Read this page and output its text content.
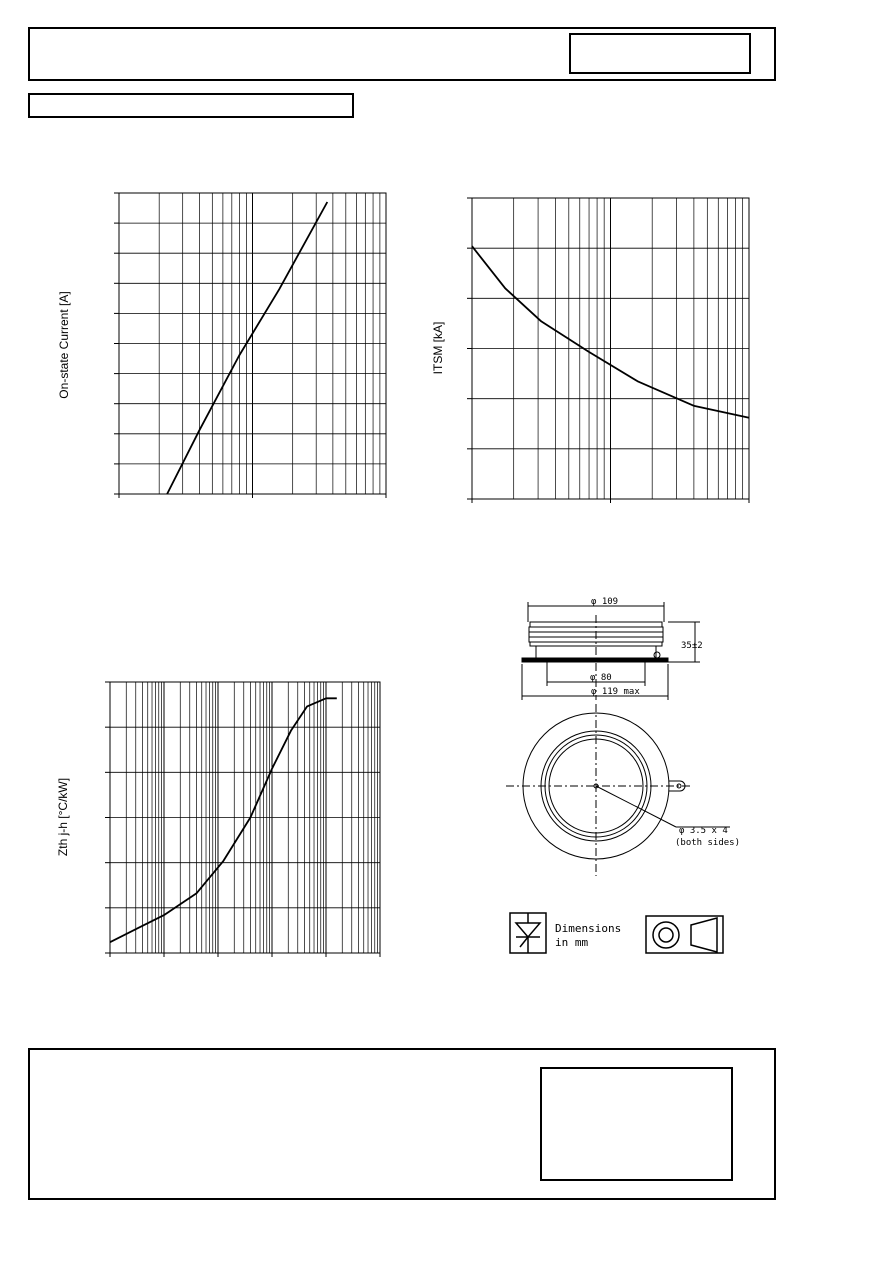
On-state Current [A]	ITSM [kA]
Zth j-h [°C/kW]
φ 109
35±2
φ 80
φ 119 max
φ 3.5 x 4
(both sides)
Dimensions
in mm
